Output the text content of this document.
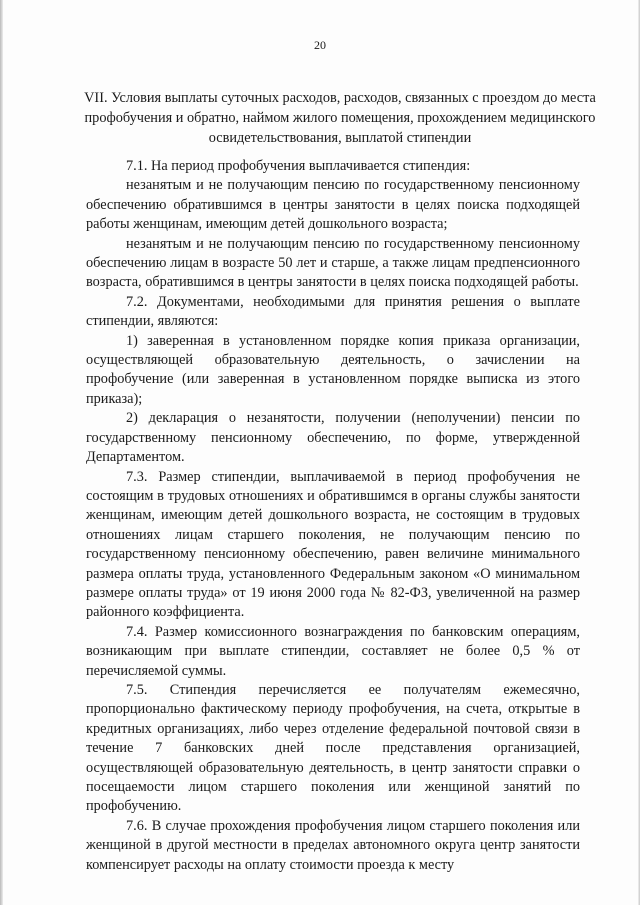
20
VII. Условия выплаты суточных расходов, расходов, связанных с проездом до места профобучения и обратно, наймом жилого помещения, прохождением медицинского освидетельствования, выплатой стипендии

7.1. На период профобучения выплачивается стипендия:

незанятым и не получающим пенсию по государственному пенсионному обеспечению обратившимся в центры занятости в целях поиска подходящей работы женщинам, имеющим детей дошкольного возраста;

незанятым и не получающим пенсию по государственному пенсионному обеспечению лицам в возрасте 50 лет и старше, а также лицам предпенсионного возраста, обратившимся в центры занятости в целях поиска подходящей работы.

7.2. Документами, необходимыми для принятия решения о выплате стипендии, являются:

1) заверенная в установленном порядке копия приказа организации, осуществляющей образовательную деятельность, о зачислении на профобучение (или заверенная в установленном порядке выписка из этого приказа);

2) декларация о незанятости, получении (неполучении) пенсии по государственному пенсионному обеспечению, по форме, утвержденной Департаментом.

7.3. Размер стипендии, выплачиваемой в период профобучения не состоящим в трудовых отношениях и обратившимся в органы службы занятости женщинам, имеющим детей дошкольного возраста, не состоящим в трудовых отношениях лицам старшего поколения, не получающим пенсию по государственному пенсионному обеспечению, равен величине минимального размера оплаты труда, установленного Федеральным законом «О минимальном размере оплаты труда» от 19 июня 2000 года № 82-ФЗ, увеличенной на размер районного коэффициента.

7.4. Размер комиссионного вознаграждения по банковским операциям, возникающим при выплате стипендии, составляет не более 0,5 % от перечисляемой суммы.

7.5. Стипендия перечисляется ее получателям ежемесячно, пропорционально фактическому периоду профобучения, на счета, открытые в кредитных организациях, либо через отделение федеральной почтовой связи в течение 7 банковских дней после представления организацией, осуществляющей образовательную деятельность, в центр занятости справки о посещаемости лицом старшего поколения или женщиной занятий по профобучению.

7.6. В случае прохождения профобучения лицом старшего поколения или женщиной в другой местности в пределах автономного округа центр занятости компенсирует расходы на оплату стоимости проезда к месту
